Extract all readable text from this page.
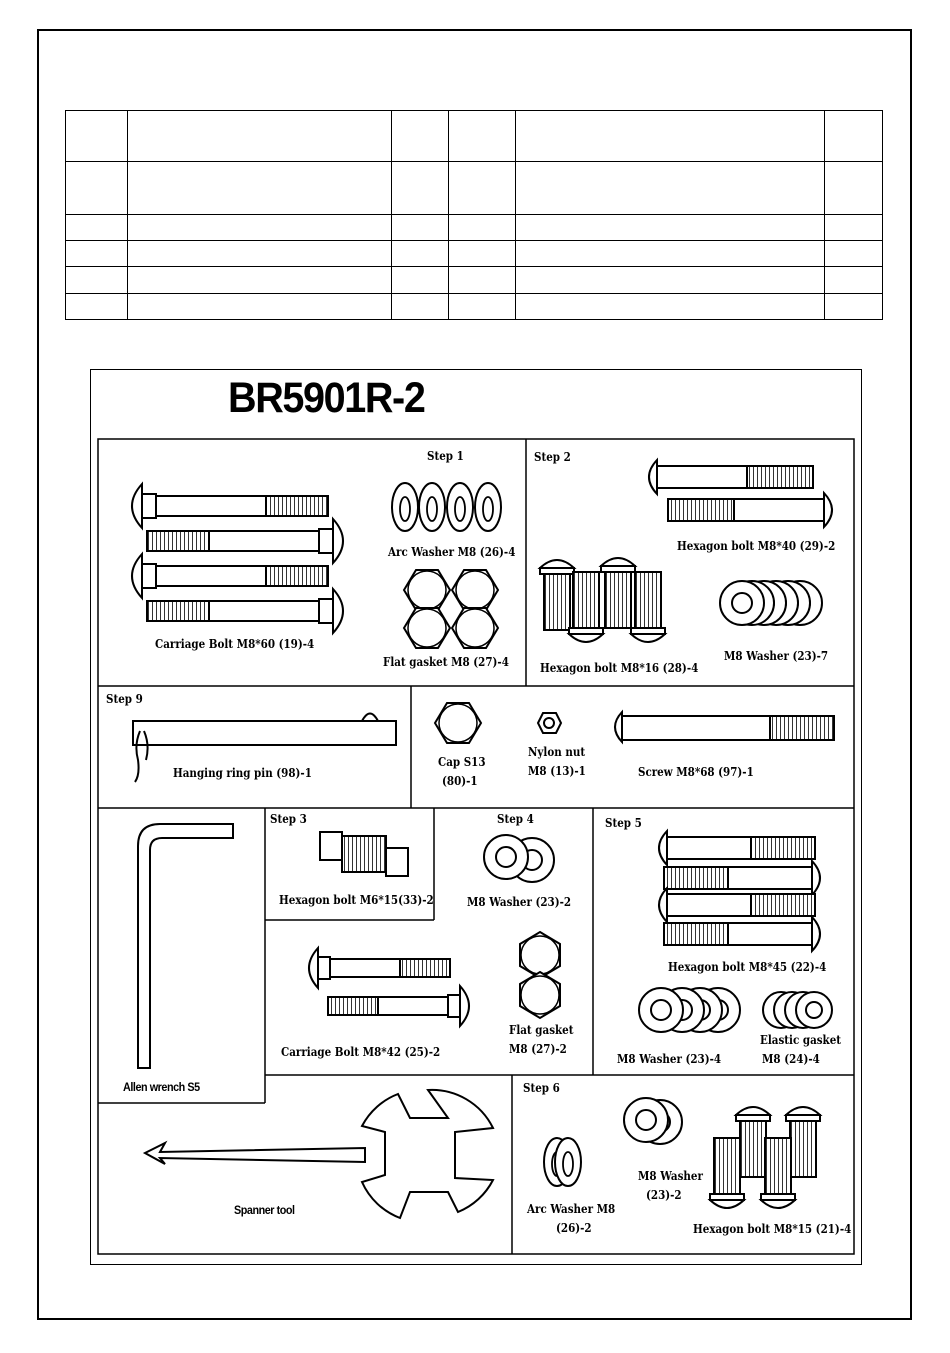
BR5901R-2
Step 1	Step 2
Step 9
Step 3	Step 4	Step 5
Step 6
Carriage Bolt M8*60 (19)-4
Arc Washer M8 (26)-4
Flat gasket M8 (27)-4
Hexagon bolt M8*40 (29)-2
Hexagon bolt M8*16 (28)-4
M8 Washer (23)-7
Hanging ring pin (98)-1
Cap S13
(80)-1
Nylon nut
M8 (13)-1	Screw M8*68 (97)-1
Hexagon bolt M6*15(33)-2	M8 Washer (23)-2
Hexagon bolt M8*45 (22)-4
Carriage Bolt M8*42 (25)-2
Flat gasket
M8 (27)-2
M8 Washer (23)-4
Elastic gasket
M8 (24)-4
Allen wrench S5
Spanner tool	Arc Washer M8
(26)-2
M8 Washer
(23)-2
Hexagon bolt M8*15 (21)-4
